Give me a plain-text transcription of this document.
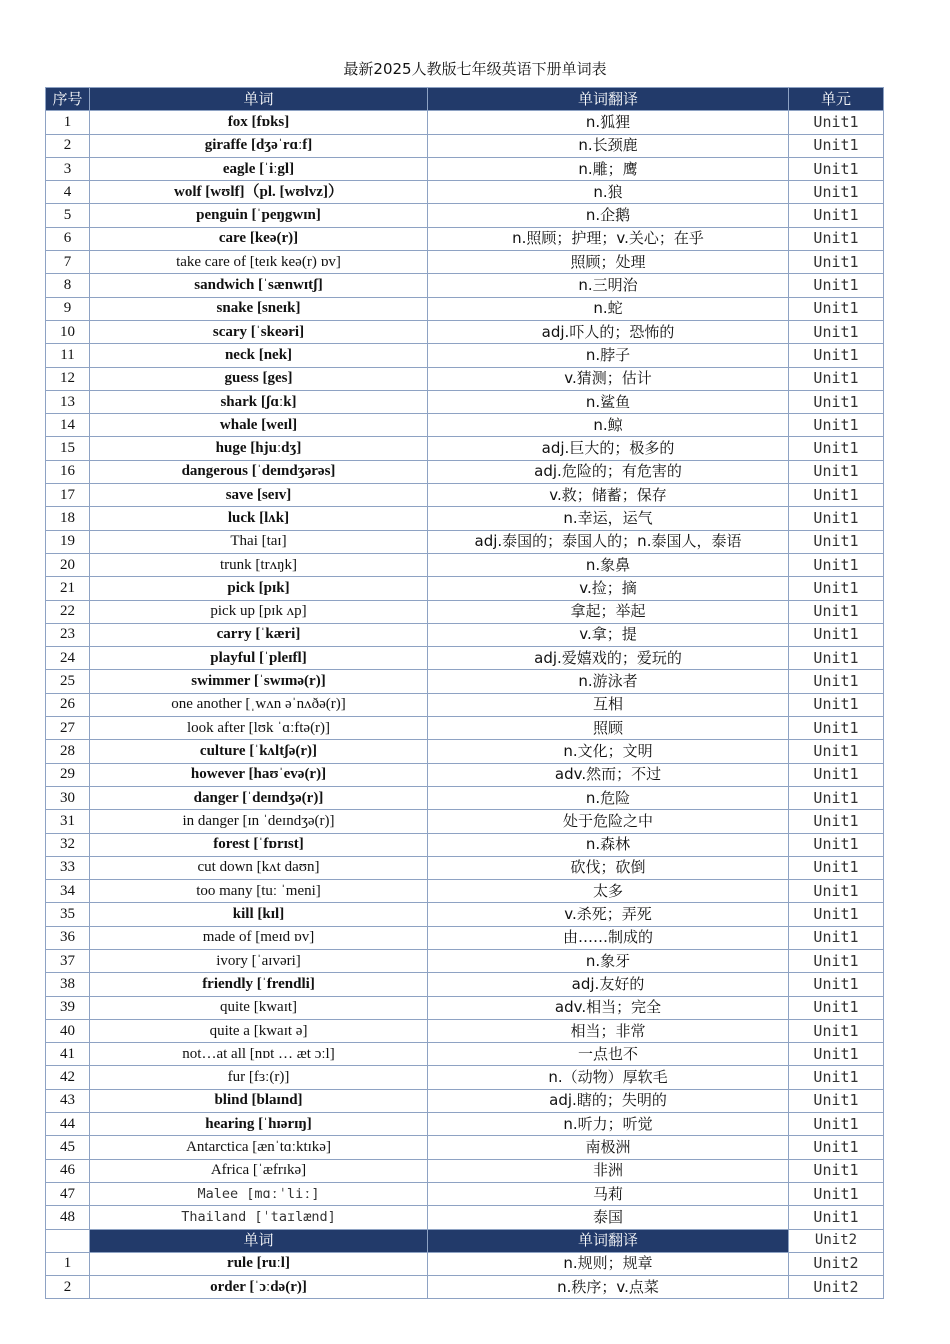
最新2025人教版七年级英语下册单词表
序号	单词	单词翻译	单元
1	fox [fɒks]	n.狐狸	Unit1
2	giraffe [dʒəˈrɑːf]	n.长颈鹿	Unit1
3	eagle [ˈiːgl]	n.雕；鹰	Unit1
4	wolf [wʊlf]（pl. [wʊlvz]）	n.狼	Unit1
5	penguin [ˈpeŋgwɪn]	n.企鹅	Unit1
6	care [keə(r)]	n.照顾；护理；v.关心；在乎	Unit1
7	take care of [teɪk keə(r) ɒv]	照顾；处理	Unit1
8	sandwich [ˈsænwɪtʃ]	n.三明治	Unit1
9	snake [sneɪk]	n.蛇	Unit1
10	scary [ˈskeəri]	adj.吓人的；恐怖的	Unit1
11	neck [nek]	n.脖子	Unit1
12	guess [ges]	v.猜测；估计	Unit1
13	shark [ʃɑːk]	n.鲨鱼	Unit1
14	whale [weɪl]	n.鲸	Unit1
15	huge [hjuːdʒ]	adj.巨大的；极多的	Unit1
16	dangerous [ˈdeɪndʒərəs]	adj.危险的；有危害的	Unit1
17	save [seɪv]	v.救；储蓄；保存	Unit1
18	luck [lʌk]	n.幸运，运气	Unit1
19	Thai [taɪ]	adj.泰国的；泰国人的；n.泰国人，泰语	Unit1
20	trunk [trʌŋk]	n.象鼻	Unit1
21	pick [pɪk]	v.捡；摘	Unit1
22	pick up [pɪk ʌp]	拿起；举起	Unit1
23	carry [ˈkæri]	v.拿；提	Unit1
24	playful [ˈpleɪfl]	adj.爱嬉戏的；爱玩的	Unit1
25	swimmer [ˈswɪmə(r)]	n.游泳者	Unit1
26	one another [ˌwʌn əˈnʌðə(r)]	互相	Unit1
27	look after [lʊk ˈɑːftə(r)]	照顾	Unit1
28	culture [ˈkʌltʃə(r)]	n.文化；文明	Unit1
29	however [haʊˈevə(r)]	adv.然而；不过	Unit1
30	danger [ˈdeɪndʒə(r)]	n.危险	Unit1
31	in danger [ɪn ˈdeɪndʒə(r)]	处于危险之中	Unit1
32	forest [ˈfɒrɪst]	n.森林	Unit1
33	cut down [kʌt daʊn]	砍伐；砍倒	Unit1
34	too many [tuː ˈmeni]	太多	Unit1
35	kill [kɪl]	v.杀死；弄死	Unit1
36	made of [meɪd ɒv]	由……制成的	Unit1
37	ivory [ˈaɪvəri]	n.象牙	Unit1
38	friendly [ˈfrendli]	adj.友好的	Unit1
39	quite [kwaɪt]	adv.相当；完全	Unit1
40	quite a [kwaɪt ə]	相当；非常	Unit1
41	not…at all [nɒt … æt ɔːl]	一点也不	Unit1
42	fur [fɜː(r)]	n.（动物）厚软毛	Unit1
43	blind [blaɪnd]	adj.瞎的；失明的	Unit1
44	hearing [ˈhɪərɪŋ]	n.听力；听觉	Unit1
45	Antarctica [ænˈtɑːktɪkə]	南极洲	Unit1
46	Africa [ˈæfrɪkə]	非洲	Unit1
47	Malee [mɑːˈliː]	马莉	Unit1
48	Thailand [ˈtaɪlænd]	泰国	Unit1
	单词	单词翻译	Unit2
1	rule [ruːl]	n.规则；规章	Unit2
2	order [ˈɔːdə(r)]	n.秩序；v.点菜	Unit2
